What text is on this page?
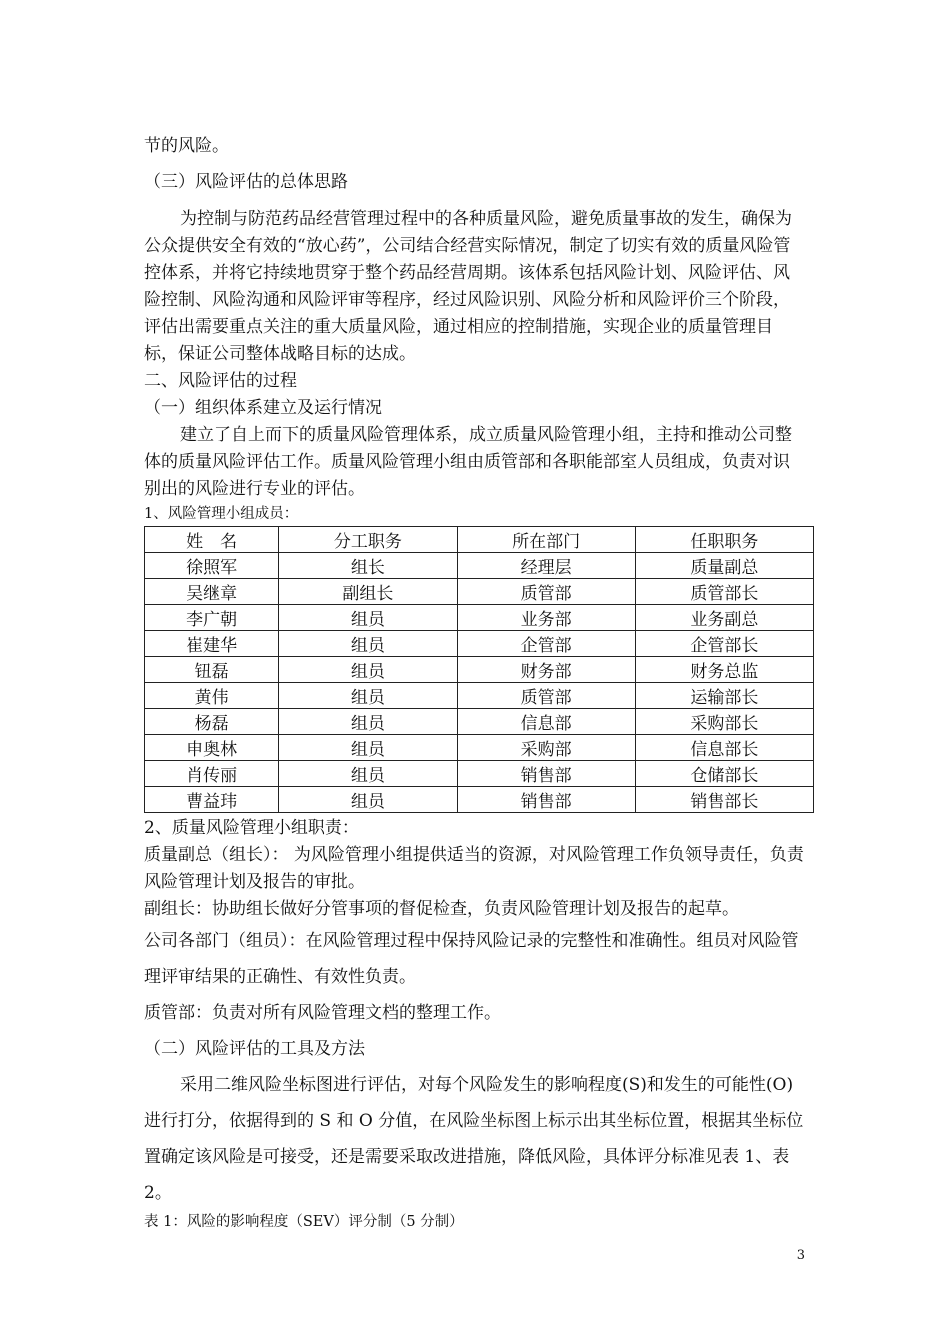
节的风险。

（三）风险评估的总体思路

为控制与防范药品经营管理过程中的各种质量风险，避免质量事故的发生，确保为公众提供安全有效的“放心药”，公司结合经营实际情况，制定了切实有效的质量风险管控体系，并将它持续地贯穿于整个药品经营周期。该体系包括风险计划、风险评估、风险控制、风险沟通和风险评审等程序，经过风险识别、风险分析和风险评价三个阶段， 评估出需要重点关注的重大质量风险，通过相应的控制措施，实现企业的质量管理目标，保证公司整体战略目标的达成。

二、风险评估的过程

（一）组织体系建立及运行情况

建立了自上而下的质量风险管理体系，成立质量风险管理小组，主持和推动公司整体的质量风险评估工作。质量风险管理小组由质管部和各职能部室人员组成，负责对识别出的风险进行专业的评估。

1、风险管理小组成员：

姓　名	分工职务	所在部门	任职职务
徐照军	组长	经理层	质量副总
吴继章	副组长	质管部	质管部长
李广朝	组员	业务部	业务副总
崔建华	组员	企管部	企管部长
钮磊	组员	财务部	财务总监
黄伟	组员	质管部	运输部长
杨磊	组员	信息部	采购部长
申奥林	组员	采购部	信息部长
肖传丽	组员	销售部	仓储部长
曹益玮	组员	销售部	销售部长

2、质量风险管理小组职责：

质量副总（组长）： 为风险管理小组提供适当的资源，对风险管理工作负领导责任，负责风险管理计划及报告的审批。

副组长：协助组长做好分管事项的督促检查，负责风险管理计划及报告的起草。

公司各部门（组员）：在风险管理过程中保持风险记录的完整性和准确性。组员对风险管理评审结果的正确性、有效性负责。

质管部：负责对所有风险管理文档的整理工作。

（二）风险评估的工具及方法

采用二维风险坐标图进行评估，对每个风险发生的影响程度(S)和发生的可能性(O)进行打分，依据得到的 S 和 O 分值，在风险坐标图上标示出其坐标位置，根据其坐标位置确定该风险是可接受，还是需要采取改进措施，降低风险，具体评分标准见表 1、表 2。

表 1：风险的影响程度（SEV）评分制（5 分制）

3
